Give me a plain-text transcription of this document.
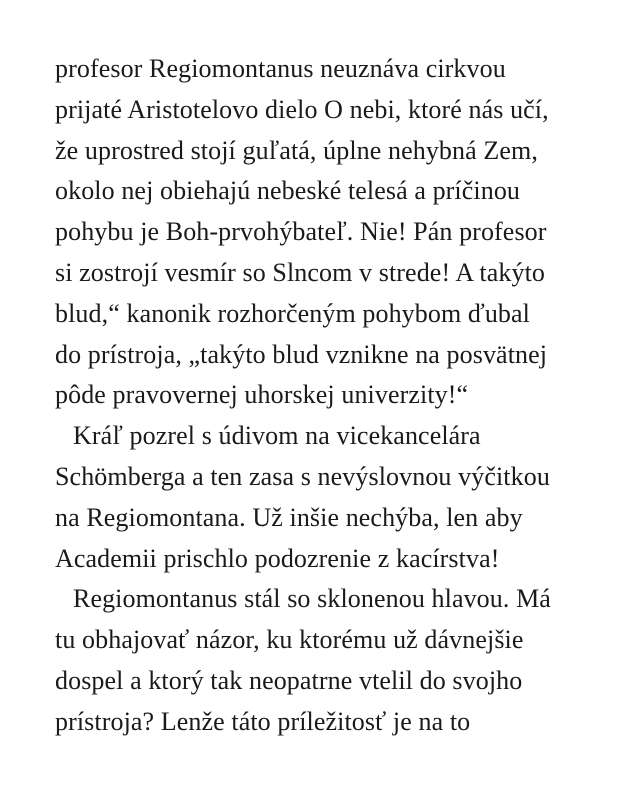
profesor Regiomontanus neuznáva cirkvou
prijaté Aristotelovo dielo O nebi, ktoré nás učí,
že uprostred stojí guľatá, úplne nehybná Zem,
okolo nej obiehajú nebeské telesá a príčinou
pohybu je Boh-prvohýbateľ. Nie! Pán profesor
si zostrojí vesmír so Slncom v strede! A takýto
blud,“ kanonik rozhorčeným pohybom ďubal
do prístroja, „takýto blud vznikne na posvätnej
pôde pravovernej uhorskej univerzity!“
Kráľ pozrel s údivom na vicekancelára
Schömberga a ten zasa s nevýslovnou výčitkou
na Regiomontana. Už inšie nechýba, len aby
Academii prischlo podozrenie z kacírstva!
Regiomontanus stál so sklonenou hlavou. Má
tu obhajovať názor, ku ktorému už dávnejšie
dospel a ktorý tak neopatrne vtelil do svojho
prístroja? Lenže táto príležitosť je na to
